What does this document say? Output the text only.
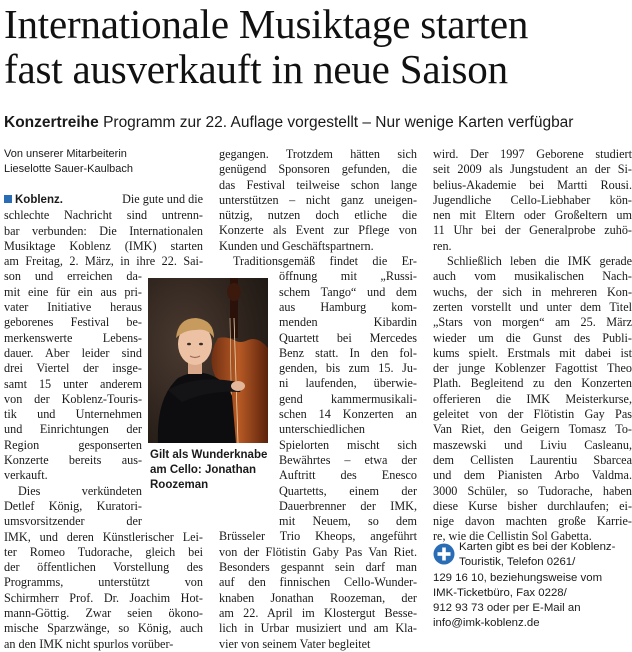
Internationale Musiktage starten
fast ausverkauft in neue Saison
Konzertreihe Programm zur 22. Auflage vorgestellt – Nur wenige Karten verfügbar
Von unserer Mitarbeiterin
Lieselotte Sauer-Kaulbach
Koblenz.	Die gute und die
schlechte Nachricht sind untrenn-
bar verbunden: Die Internationalen
Musiktage Koblenz (IMK) starten
am Freitag, 2. März, in ihre 22. Sai-
son und erreichen da-
mit eine für ein aus pri-
vater Initiative heraus
geborenes Festival be-
merkenswerte Lebens-
dauer. Aber leider sind
drei Viertel der insge-
samt 15 unter anderem
von der Koblenz-Touris-
tik und Unternehmen
und Einrichtungen der
Region gesponserten
Konzerte bereits aus-
verkauft.
Dies verkündeten
Detlef König, Kuratori-
umsvorsitzender der
IMK, und deren Künstlerischer Lei-
ter Romeo Tudorache, gleich bei
der öffentlichen Vorstellung des
Programms, unterstützt von
Schirmherr Prof. Dr. Joachim Hot-
mann-Göttig. Zwar seien ökono-
mische Sparzwänge, so König, auch
an den IMK nicht spurlos vorüber-
Gilt als Wunderknabe
am Cello: Jonathan
Roozeman
gegangen. Trotzdem hätten sich
genügend Sponsoren gefunden, die
das Festival teilweise schon lange
unterstützen – nicht ganz uneigen-
nützig, nutzen doch etliche die
Konzerte als Event zur Pflege von
Kunden und Geschäftspartnern.
Traditionsgemäß findet die Er-
öffnung mit „Russi-
schem Tango“ und dem
aus Hamburg kom-
menden Kibardin
Quartett bei Mercedes
Benz statt. In den fol-
genden, bis zum 15. Ju-
ni laufenden, überwie-
gend kammermusikali-
schen 14 Konzerten an
unterschiedlichen
Spielorten mischt sich
Bewährtes – etwa der
Auftritt des Enesco
Quartetts, einem der
Dauerbrenner der IMK,
mit Neuem, so dem
Brüsseler Trio Kheops, angeführt
von der Flötistin Gaby Pas Van Riet.
Besonders gespannt sein darf man
auf den finnischen Cello-Wunder-
knaben Jonathan Roozeman, der
am 22. April im Klostergut Besse-
lich in Urbar musiziert und am Kla-
vier von seinem Vater begleitet
wird. Der 1997 Geborene studiert
seit 2009 als Jungstudent an der Si-
belius-Akademie bei Martti Rousi.
Jugendliche Cello-Liebhaber kön-
nen mit Eltern oder Großeltern um
11 Uhr bei der Generalprobe zuhö-
ren.
Schließlich leben die IMK gerade
auch vom musikalischen Nach-
wuchs, der sich in mehreren Kon-
zerten vorstellt und unter dem Titel
„Stars von morgen“ am 25. März
wieder um die Gunst des Publi-
kums spielt. Erstmals mit dabei ist
der junge Koblenzer Fagottist Theo
Plath. Begleitend zu den Konzerten
offerieren die IMK Meisterkurse,
geleitet von der Flötistin Gay Pas
Van Riet, den Geigern Tomasz To-
maszewski und Liviu Casleanu,
dem Cellisten Laurentiu Sbarcea
und dem Pianisten Arbo Valdma.
3000 Schüler, so Tudorache, haben
diese Kurse bisher durchlaufen; ei-
nige davon machten große Karrie-
re, wie die Cellistin Sol Gabetta.
Karten gibt es bei der Koblenz-
Touristik, Telefon 0261/
129 16 10, beziehungsweise vom
IMK-Ticketbüro, Fax 0228/
912 93 73 oder per E-Mail an
info@imk-koblenz.de
